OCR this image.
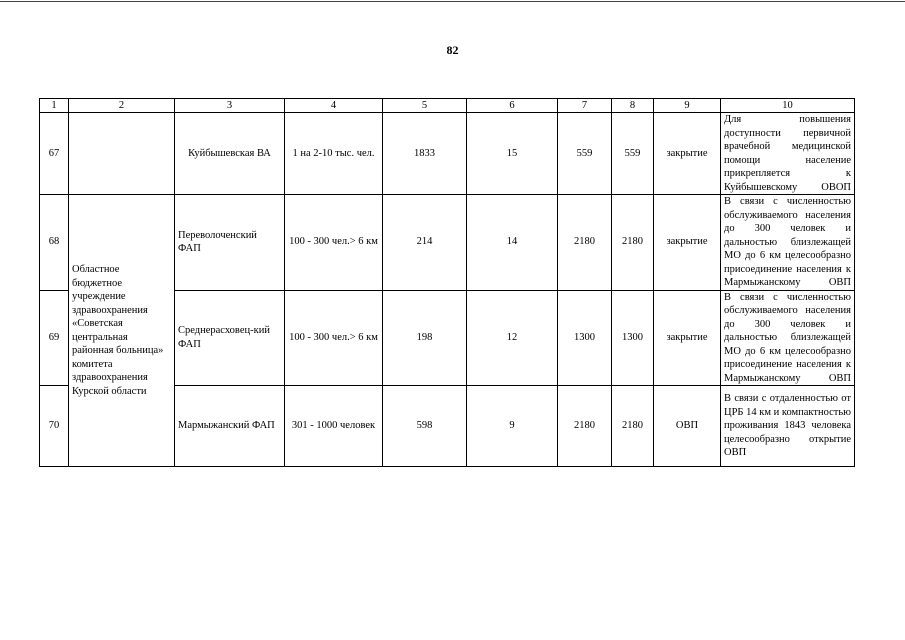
82
1	2	3	4	5	6	7	8	9	10
67		Куйбышевская ВА	1 на 2-10 тыс. чел.	1833	15	559	559	закрытие	Для повышения доступности первичной врачебной медицинской помощи население прикрепляется к Куйбышевскому ОВОП
68	Областное бюджетное учреждение здравоохранения «Советская центральная районная больница» комитета здравоохранения Курской области	Переволоченский ФАП	100 - 300 чел.> 6 км	214	14	2180	2180	закрытие	В связи с численностью обслуживаемого населения до 300 человек и дальностью близлежащей МО до 6 км целесообразно присоединение населения к Мармыжанскому ОВП
69		Среднерасховец-кий ФАП	100 - 300 чел.> 6 км	198	12	1300	1300	закрытие	В связи с численностью обслуживаемого населения до 300 человек и дальностью близлежащей МО до 6 км целесообразно присоединение населения к Мармыжанскому ОВП
70		Мармыжанский ФАП	301 - 1000 человек	598	9	2180	2180	ОВП	В связи с отдаленностью от ЦРБ 14 км и компактностью проживания 1843 человека целесообразно открытие ОВП
